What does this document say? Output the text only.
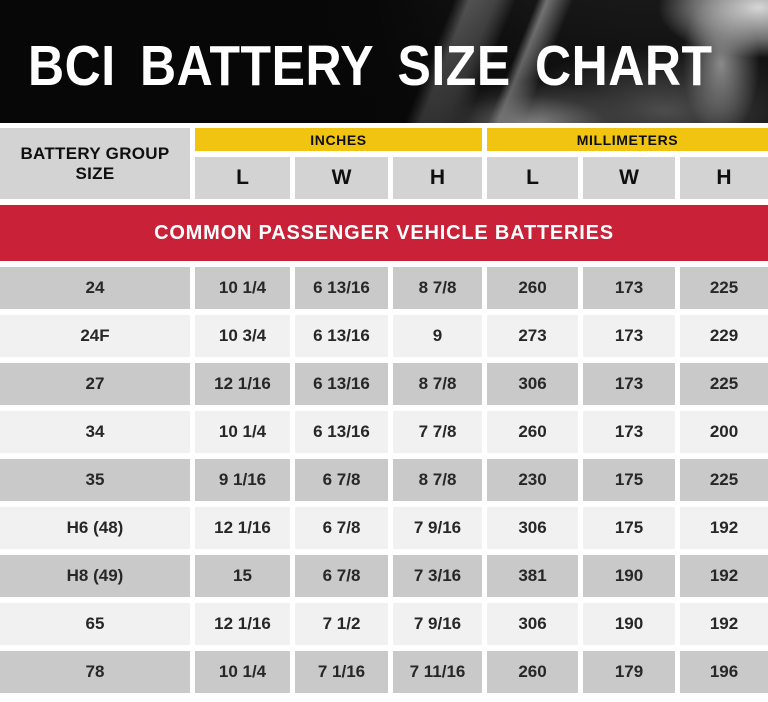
BCI BATTERY SIZE CHART
BATTERY GROUP SIZE
INCHES	MILLIMETERS
L	W	H	L	W	H
COMMON PASSENGER VEHICLE BATTERIES
24	10 1/4	6 13/16	8 7/8	260	173	225
24F	10 3/4	6 13/16	9	273	173	229
27	12 1/16	6 13/16	8 7/8	306	173	225
34	10 1/4	6 13/16	7 7/8	260	173	200
35	9 1/16	6 7/8	8 7/8	230	175	225
H6 (48)	12 1/16	6 7/8	7 9/16	306	175	192
H8 (49)	15	6 7/8	7 3/16	381	190	192
65	12 1/16	7 1/2	7 9/16	306	190	192
78	10 1/4	7 1/16	7 11/16	260	179	196
